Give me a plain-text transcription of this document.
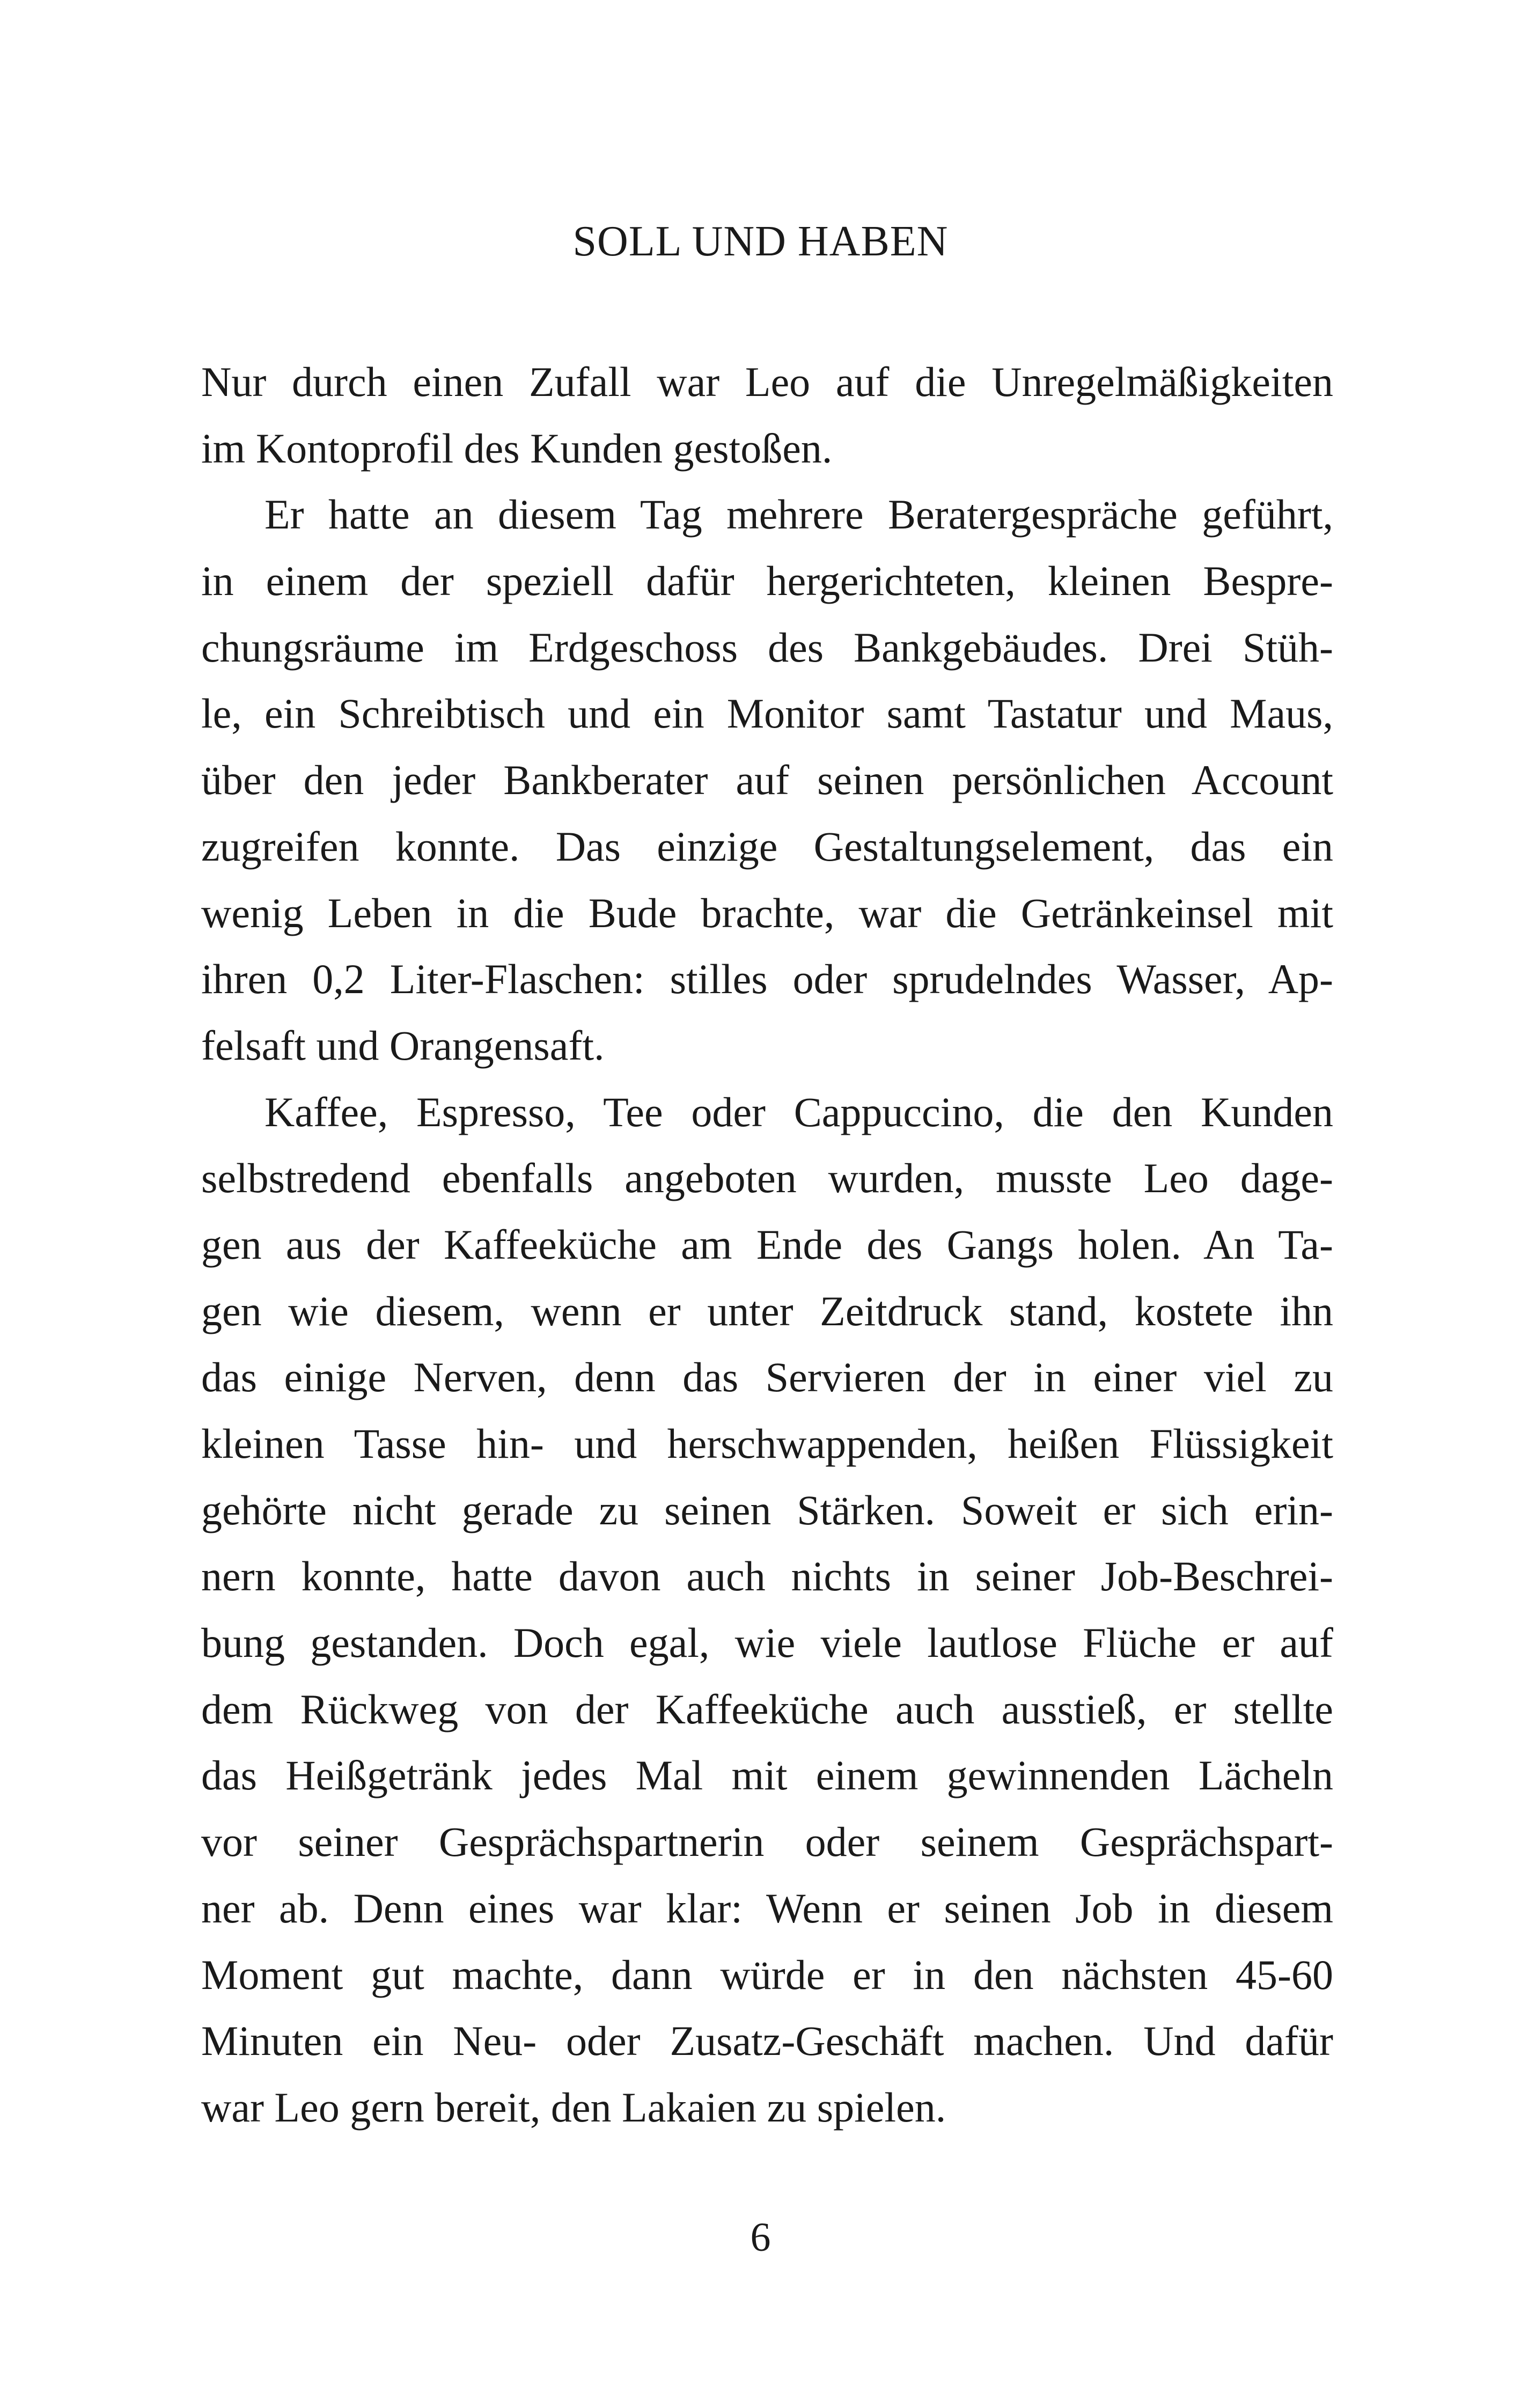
SOLL UND HABEN
Nur durch einen Zufall war Leo auf die Unregelmäßigkeiten
im Kontoprofil des Kunden gestoßen.
Er hatte an diesem Tag mehrere Beratergespräche geführt,
in einem der speziell dafür hergerichteten, kleinen Bespre-
chungsräume im Erdgeschoss des Bankgebäudes. Drei Stüh-
le, ein Schreibtisch und ein Monitor samt Tastatur und Maus,
über den jeder Bankberater auf seinen persönlichen Account
zugreifen konnte. Das einzige Gestaltungselement, das ein
wenig Leben in die Bude brachte, war die Getränkeinsel mit
ihren 0,2 Liter-Flaschen: stilles oder sprudelndes Wasser, Ap-
felsaft und Orangensaft.
Kaffee, Espresso, Tee oder Cappuccino, die den Kunden
selbstredend ebenfalls angeboten wurden, musste Leo dage-
gen aus der Kaffeeküche am Ende des Gangs holen. An Ta-
gen wie diesem, wenn er unter Zeitdruck stand, kostete ihn
das einige Nerven, denn das Servieren der in einer viel zu
kleinen Tasse hin- und herschwappenden, heißen Flüssigkeit
gehörte nicht gerade zu seinen Stärken. Soweit er sich erin-
nern konnte, hatte davon auch nichts in seiner Job-Beschrei-
bung gestanden. Doch egal, wie viele lautlose Flüche er auf
dem Rückweg von der Kaffeeküche auch ausstieß, er stellte
das Heißgetränk jedes Mal mit einem gewinnenden Lächeln
vor seiner Gesprächspartnerin oder seinem Gesprächspart-
ner ab. Denn eines war klar: Wenn er seinen Job in diesem
Moment gut machte, dann würde er in den nächsten 45-60
Minuten ein Neu- oder Zusatz-Geschäft machen. Und dafür
war Leo gern bereit, den Lakaien zu spielen.
6
